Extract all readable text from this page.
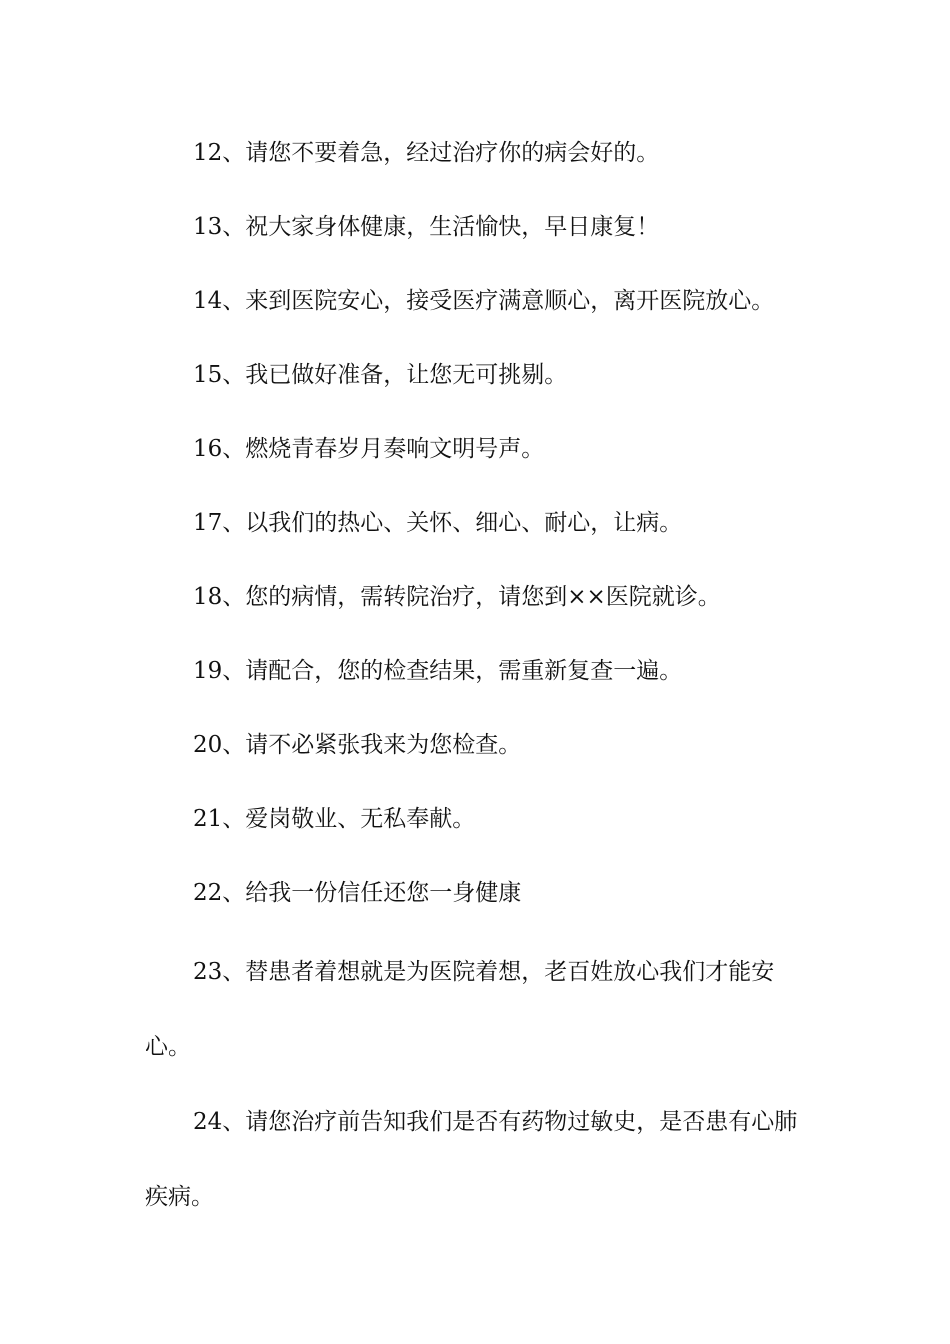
12、请您不要着急，经过治疗你的病会好的。

13、祝大家身体健康，生活愉快，早日康复！

14、来到医院安心，接受医疗满意顺心，离开医院放心。

15、我已做好准备，让您无可挑剔。

16、燃烧青春岁月奏响文明号声。

17、以我们的热心、关怀、细心、耐心，让病。

18、您的病情，需转院治疗，请您到××医院就诊。

19、请配合，您的检查结果，需重新复查一遍。

20、请不必紧张我来为您检查。

21、爱岗敬业、无私奉献。

22、给我一份信任还您一身健康

23、替患者着想就是为医院着想，老百姓放心我们才能安心。

24、请您治疗前告知我们是否有药物过敏史，是否患有心肺疾病。
